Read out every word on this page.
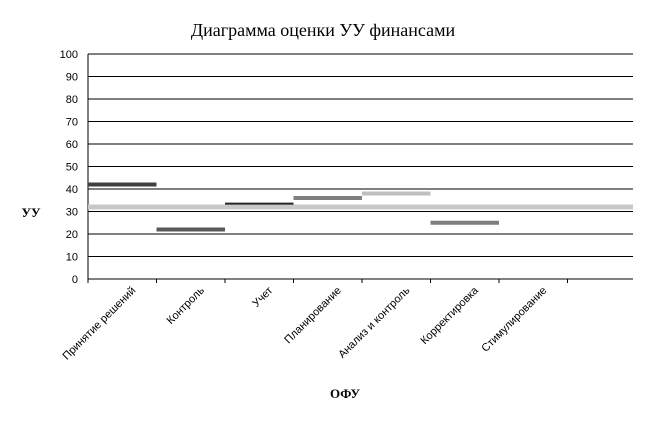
Диаграмма оценки УУ финансами
0
10
20
30
40
50
60
70
80
90
100
Принятие решений Контроль	Учет Планирование
Анализ и контроль Корректировка
Стимулирование
УУ
ОФУ
